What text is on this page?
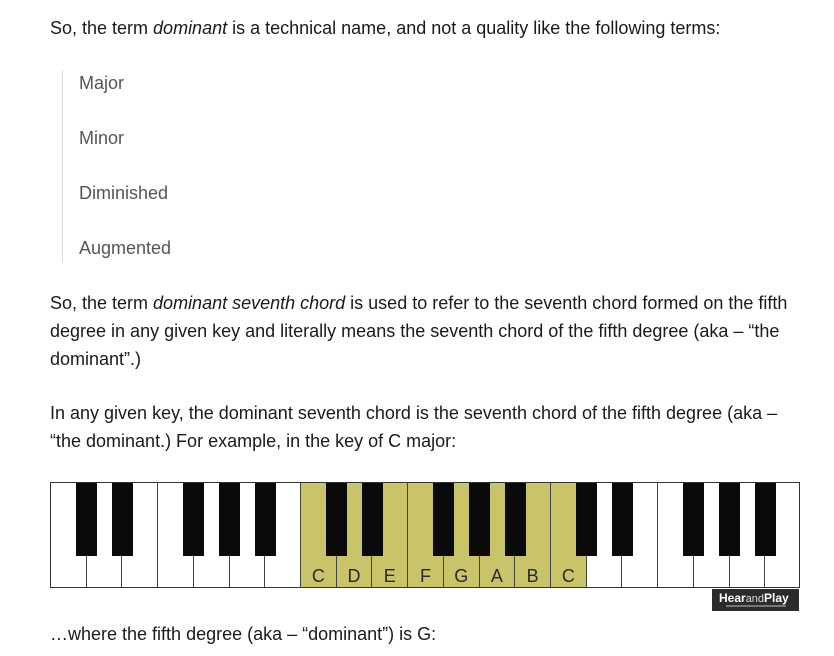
So, the term dominant is a technical name, and not a quality like the following terms:

Major
Minor
Diminished
Augmented

So, the term dominant seventh chord is used to refer to the seventh chord formed on the fifth degree in any given key and literally means the seventh chord of the fifth degree (aka – “the dominant”.)

In any given key, the dominant seventh chord is the seventh chord of the fifth degree (aka – “the dominant.) For example, in the key of C major:

C	D	E	F	G	A	B	C
HearandPlay

…where the fifth degree (aka – “dominant”) is G:
